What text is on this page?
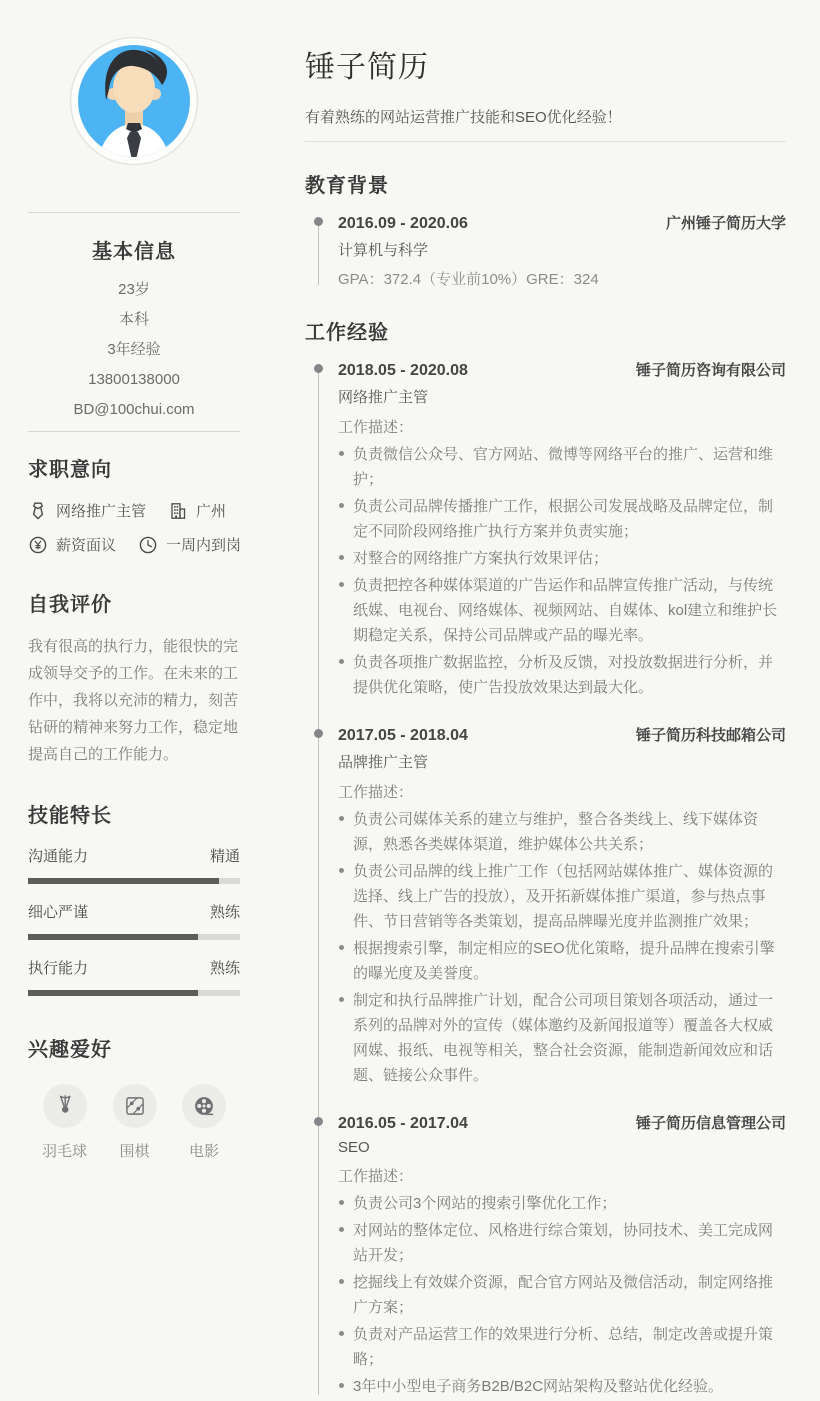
基本信息
23岁
本科
3年经验
13800138000
BD@100chui.com
求职意向
网络推广主管	广州
薪资面议	一周内到岗
自我评价

我有很高的执行力，能很快的完成领导交予的工作。在未来的工作中，我将以充沛的精力，刻苦钻研的精神来努力工作，稳定地提高自己的工作能力。

技能特长
沟通能力	精通
细心严谨	熟练
执行能力	熟练
兴趣爱好
羽毛球 围棋	电影
锤子简历

有着熟练的网站运营推广技能和SEO优化经验！

教育背景
2016.09 - 2020.06	广州锤子简历大学
计算机与科学
GPA：372.4（专业前10%）GRE：324
工作经验
2018.05 - 2020.08	锤子简历咨询有限公司
网络推广主管
工作描述：
负责微信公众号、官方网站、微博等网络平台的推广、运营和维护；
负责公司品牌传播推广工作，根据公司发展战略及品牌定位，制定不同阶段网络推广执行方案并负责实施；
对整合的网络推广方案执行效果评估；
负责把控各种媒体渠道的广告运作和品牌宣传推广活动，与传统纸媒、电视台、网络媒体、视频网站、自媒体、kol建立和维护长期稳定关系，保持公司品牌或产品的曝光率。
负责各项推广数据监控，分析及反馈，对投放数据进行分析，并提供优化策略，使广告投放效果达到最大化。
2017.05 - 2018.04	锤子简历科技邮箱公司
品牌推广主管
工作描述：
负责公司媒体关系的建立与维护，整合各类线上、线下媒体资源，熟悉各类媒体渠道，维护媒体公共关系；
负责公司品牌的线上推广工作（包括网站媒体推广、媒体资源的选择、线上广告的投放），及开拓新媒体推广渠道，参与热点事件、节日营销等各类策划，提高品牌曝光度并监测推广效果；
根据搜索引擎，制定相应的SEO优化策略，提升品牌在搜索引擎的曝光度及美誉度。
制定和执行品牌推广计划，配合公司项目策划各项活动，通过一系列的品牌对外的宣传（媒体邀约及新闻报道等）覆盖各大权威网媒、报纸、电视等相关，整合社会资源，能制造新闻效应和话题、链接公众事件。
2016.05 - 2017.04	锤子简历信息管理公司
SEO
工作描述：
负责公司3个网站的搜索引擎优化工作；
对网站的整体定位、风格进行综合策划，协同技术、美工完成网站开发；
挖掘线上有效媒介资源，配合官方网站及微信活动，制定网络推广方案；
负责对产品运营工作的效果进行分析、总结，制定改善或提升策略；
3年中小型电子商务B2B/B2C网站架构及整站优化经验。
